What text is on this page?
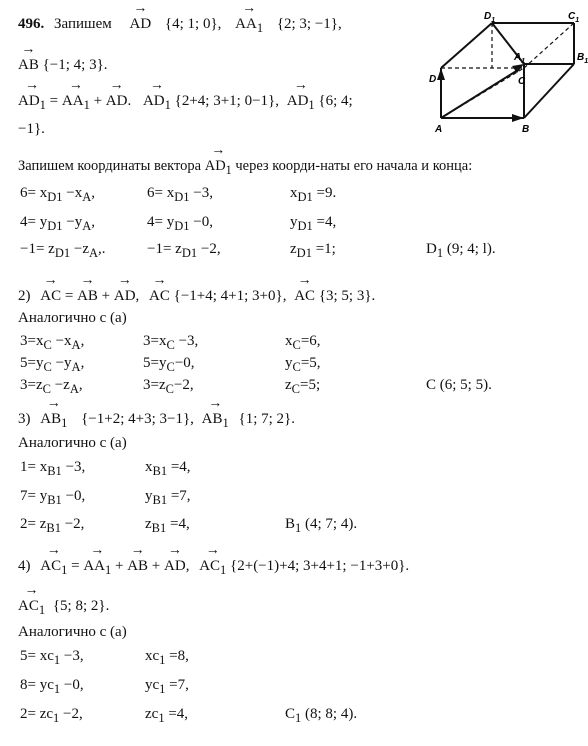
496. Запишем → AD {4; 1; 0}, → $AA_1$ {2; 3; −1},
→ AB {−1; 4; 3}.
→ $AD_1$ = → $AA_1$ + → AD. → $AD_1$ {2+4; 3+1; 0−1}, → $AD_1$ {6; 4;
−1}.
$D_1$	$C_1$
$B_1$
$A_1$
D	C
A	B
Запишем координаты вектора → $AD_1$ через коорди-наты его начала и конца:
$6= x_{D1} -x_A$,	$6= x_{D1} -3$,	$x_{D1} =9$.
$4= y_{D1} -y_A$,	$4= y_{D1} -0$,	$y_{D1} =4$,
$-1= z_{D1} -z_A$,.	$-1= z_{D1} -2$,	$z_{D1} =1$;	$D_1$ (9; 4; l).
2) → AC = → AB + → AD, → AC {−1+4; 4+1; 3+0}, → AC {3; 5; 3}.
Аналогично с (а)
$3=x_C -x_A$,	$3=x_C -3$,	$x_C=6$,
$5=y_C -y_A$,	$5=y_C-0$,	$y_C=5$,
$3=z_C -z_A$,	$3=z_C-2$,	$z_C=5$;	C (6; 5; 5).
$3) \to AB_1$ {−1+2; 4+3; 3−1}, → $AB_1$ {1; 7; 2}.
Аналогично с (а)
$1= x_{B1} -3$,	$x_{B1} =4$,
$7= y_{B1} -0$,	$y_{B1} =7$,
$2= z_{B1} -2$,	$z_{B1} =4$,	$B_1$ (4; 7; 4).
$4) \to AC_1$ = → $AA_1$ + → AB + → AD, → $AC_1$ {2+(−1)+4; 3+4+1; −1+3+0}.
→ $AC_1$ {5; 8; 2}.
Аналогично с (а)
$5= xc_1 -3$,	$xc_1 =8$,
$8= yc_1 -0$,	$yc_1 =7$,
$2= zc_1 -2$,	$zc_1 =4$,	$C_1$ (8; 8; 4).
